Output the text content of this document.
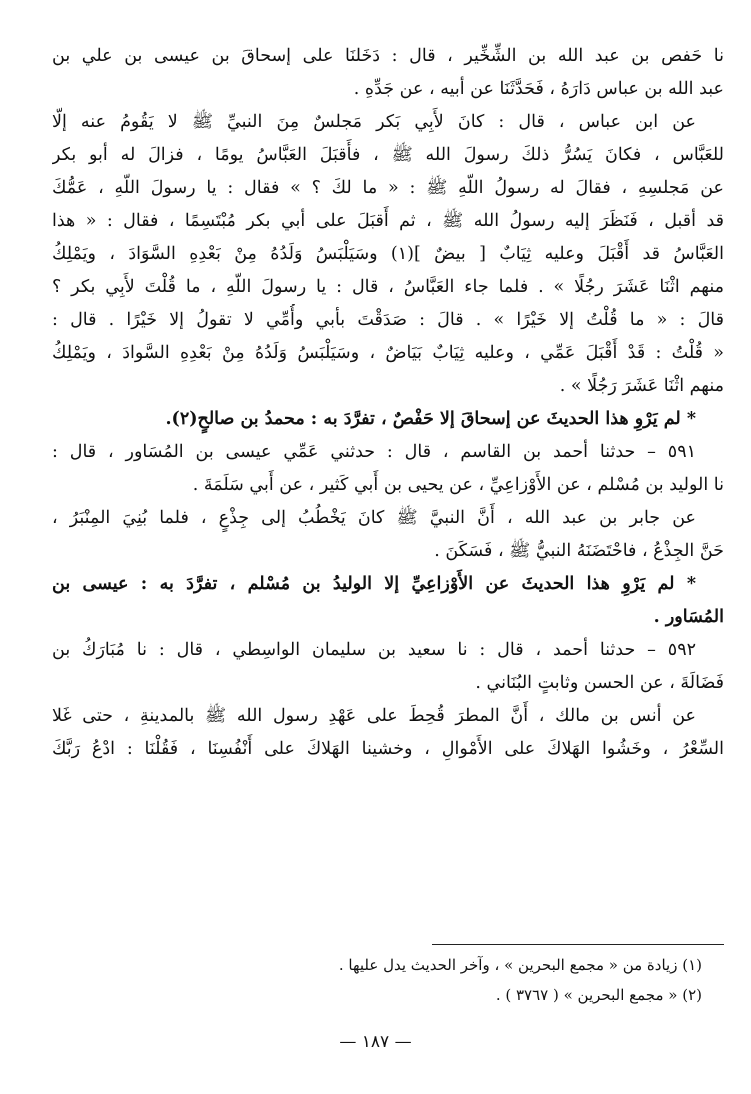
نا حَفص بن عبد الله بن الشِّخِّير ، قال : دَخَلنَا على إسحاقَ بن عيسى بن علي بن
عبد الله بن عباس دَارَهُ ، فَحَدَّثَنَا عن أبيه ، عن جَدِّهِ .
عن ابن عباس ، قال : كانَ لأَبِي بَكر مَجلسٌ مِنَ النبيِّ ﷺ لا يَقُومُ عنه إلّا
للعَبَّاس ، فكانَ يَسُرُّ ذلكَ رسولَ الله ﷺ ، فأَقبَلَ العَبَّاسُ يومًا ، فزالَ له أبو بكر
عن مَجلسِهِ ، فقالَ له رسولُ اللّهِ ﷺ : « ما لكَ ؟ » فقال : يا رسولَ اللّهِ ، عَمُّكَ
قد أقبل ، فَنَظَرَ إليه رسولُ الله ﷺ ، ثم أَقبَلَ على أبي بكر مُبْتَسِمًا ، فقال : « هذا
العَبَّاسُ قد أَقْبَلَ وعليه ثِيَابٌ [ بيضٌ ](١) وسَيَلْبَسُ وَلَدُهُ مِنْ بَعْدِهِ السَّوَادَ ، ويَمْلِكُ
منهم اثْنَا عَشَرَ رجُلًا » . فلما جاء العَبَّاسُ ، قال : يا رسولَ اللّهِ ، ما قُلْتَ لأَبِي بكر ؟
قالَ : « ما قُلْتُ إلا خَيْرًا » . قالَ : صَدَقْتَ بأبي وأُمِّي لا تقولُ إلا خَيْرًا . قال :
« قُلْتُ : قَدْ أَقْبَلَ عَمِّي ، وعليه ثِيَابٌ بَيَاضٌ ، وسَيَلْبَسُ وَلَدُهُ مِنْ بَعْدِهِ السَّوادَ ، ويَمْلِكُ
منهم اثْنَا عَشَرَ رَجُلًا » .
* لم يَرْوِ هذا الحديثَ عن إسحاقَ إلا حَفْصٌ ، تفرَّدَ به : محمدُ بن صالحٍ(٢).
٥٩١ – حدثنا أحمد بن القاسم ، قال : حدثني عَمِّي عيسى بن المُسَاور ، قال :
نا الوليد بن مُسْلم ، عن الأَوْزاعِيِّ ، عن يحيى بن أَبي كَثير ، عن أَبي سَلَمَةَ .
عن جابر بن عبد الله ، أَنَّ النبيَّ ﷺ كانَ يَخْطُبُ إلى جِذْعٍ ، فلما بُنِيَ المِنْبَرُ ،
حَنَّ الجِذْعُ ، فاحْتَضَنَهُ النبيُّ ﷺ ، فَسَكَنَ .
* لم يَرْوِ هذا الحديثَ عن الأَوْزاعِيِّ إلا الوليدُ بن مُسْلم ، تفرَّدَ به : عيسى بن
المُسَاور .
٥٩٢ – حدثنا أحمد ، قال : نا سعيد بن سليمان الواسِطي ، قال : نا مُبَارَكُ بن
فَضَالَةَ ، عن الحسن وثابتٍ البُنَاني .
عن أنس بن مالك ، أَنَّ المطرَ قُحِطَ على عَهْدِ رسول الله ﷺ بالمدينةِ ، حتى غَلا
السِّعْرُ ، وخَشُوا الهَلاكَ على الأَمْوالِ ، وخشينا الهَلاكَ على أَنْفُسِنَا ، فَقُلْنَا : ادْعُ رَبَّكَ
(١) زيادة من « مجمع البحرين » ، وآخر الحديث يدل عليها .
(٢) « مجمع البحرين » ( ٣٧٦٧ ) .
— ١٨٧ —
